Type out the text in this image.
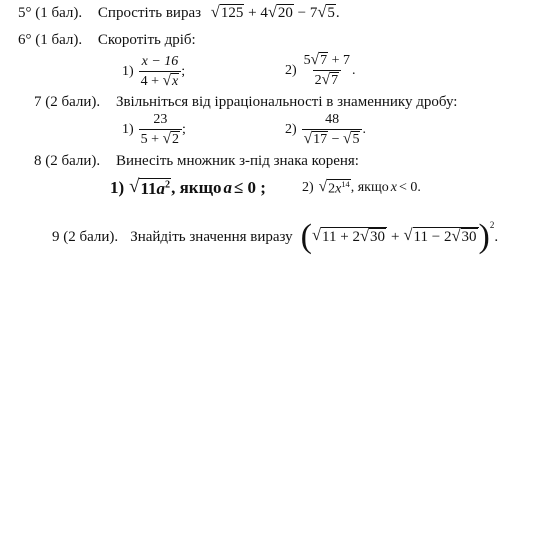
5° (1 бал). Спростіть вираз √ 125 + 4 √ 20 − 7 √ 5 .
6° (1 бал). Скоротіть дріб:
$1) \frac{x - 16}{4 + √ x}$ ;	$2) \frac{5 √ 7 + 7}{2 √ 7}$ .
7 (2 бали). Звільніться від ірраціональності в знаменнику дробу:
$1) \frac{23}{5 + √ 2}$ ;	$2) \frac{48}{√ 17 - √ 5}$ .
8 (2 бали). Винесіть множник з-під знака кореня:
1) √ $11a^2$ , якщо a ≤ 0 ;	2) √ $2x^{14}$ , якщо x < 0.
9 (2 бали). Знайдіть значення виразу ( √ 11 + 2 √ 30 + √ 11 − 2 √ 30 )$^2$
.
